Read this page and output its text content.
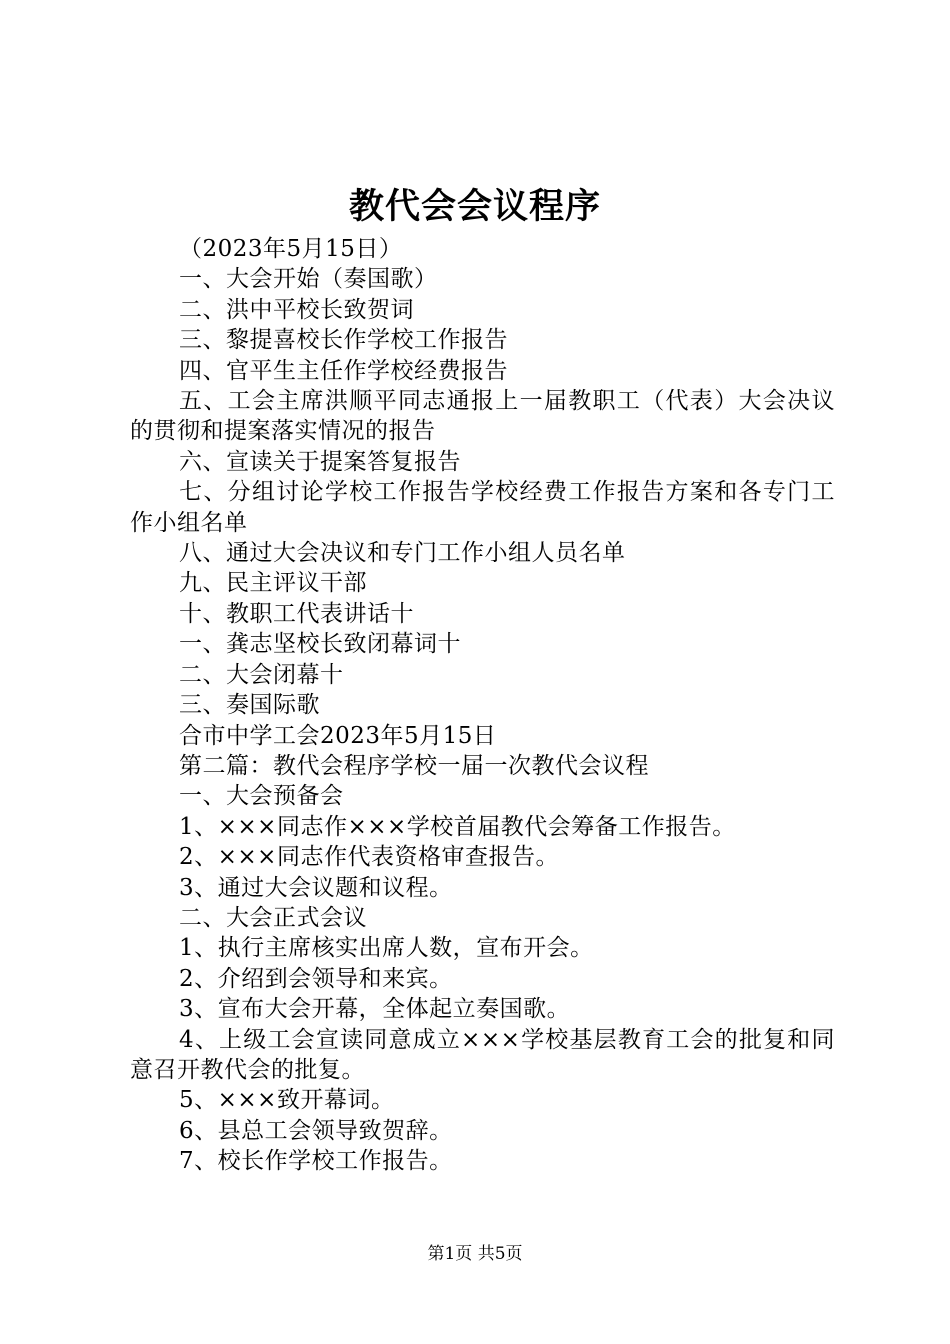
教代会会议程序

（2023年5月15日）

一、大会开始（奏国歌）

二、洪中平校长致贺词

三、黎提喜校长作学校工作报告

四、官平生主任作学校经费报告

五、工会主席洪顺平同志通报上一届教职工（代表）大会决议的贯彻和提案落实情况的报告

六、宣读关于提案答复报告

七、分组讨论学校工作报告学校经费工作报告方案和各专门工作小组名单

八、通过大会决议和专门工作小组人员名单

九、民主评议干部

十、教职工代表讲话十

一、龚志坚校长致闭幕词十

二、大会闭幕十

三、奏国际歌

合市中学工会2023年5月15日

第二篇：教代会程序学校一届一次教代会议程

一、大会预备会

1、×××同志作×××学校首届教代会筹备工作报告。

2、×××同志作代表资格审查报告。

3、通过大会议题和议程。

二、大会正式会议

1、执行主席核实出席人数，宣布开会。

2、介绍到会领导和来宾。

3、宣布大会开幕，全体起立奏国歌。

4、上级工会宣读同意成立×××学校基层教育工会的批复和同意召开教代会的批复。

5、×××致开幕词。

6、县总工会领导致贺辞。

7、校长作学校工作报告。

第1页 共5页
